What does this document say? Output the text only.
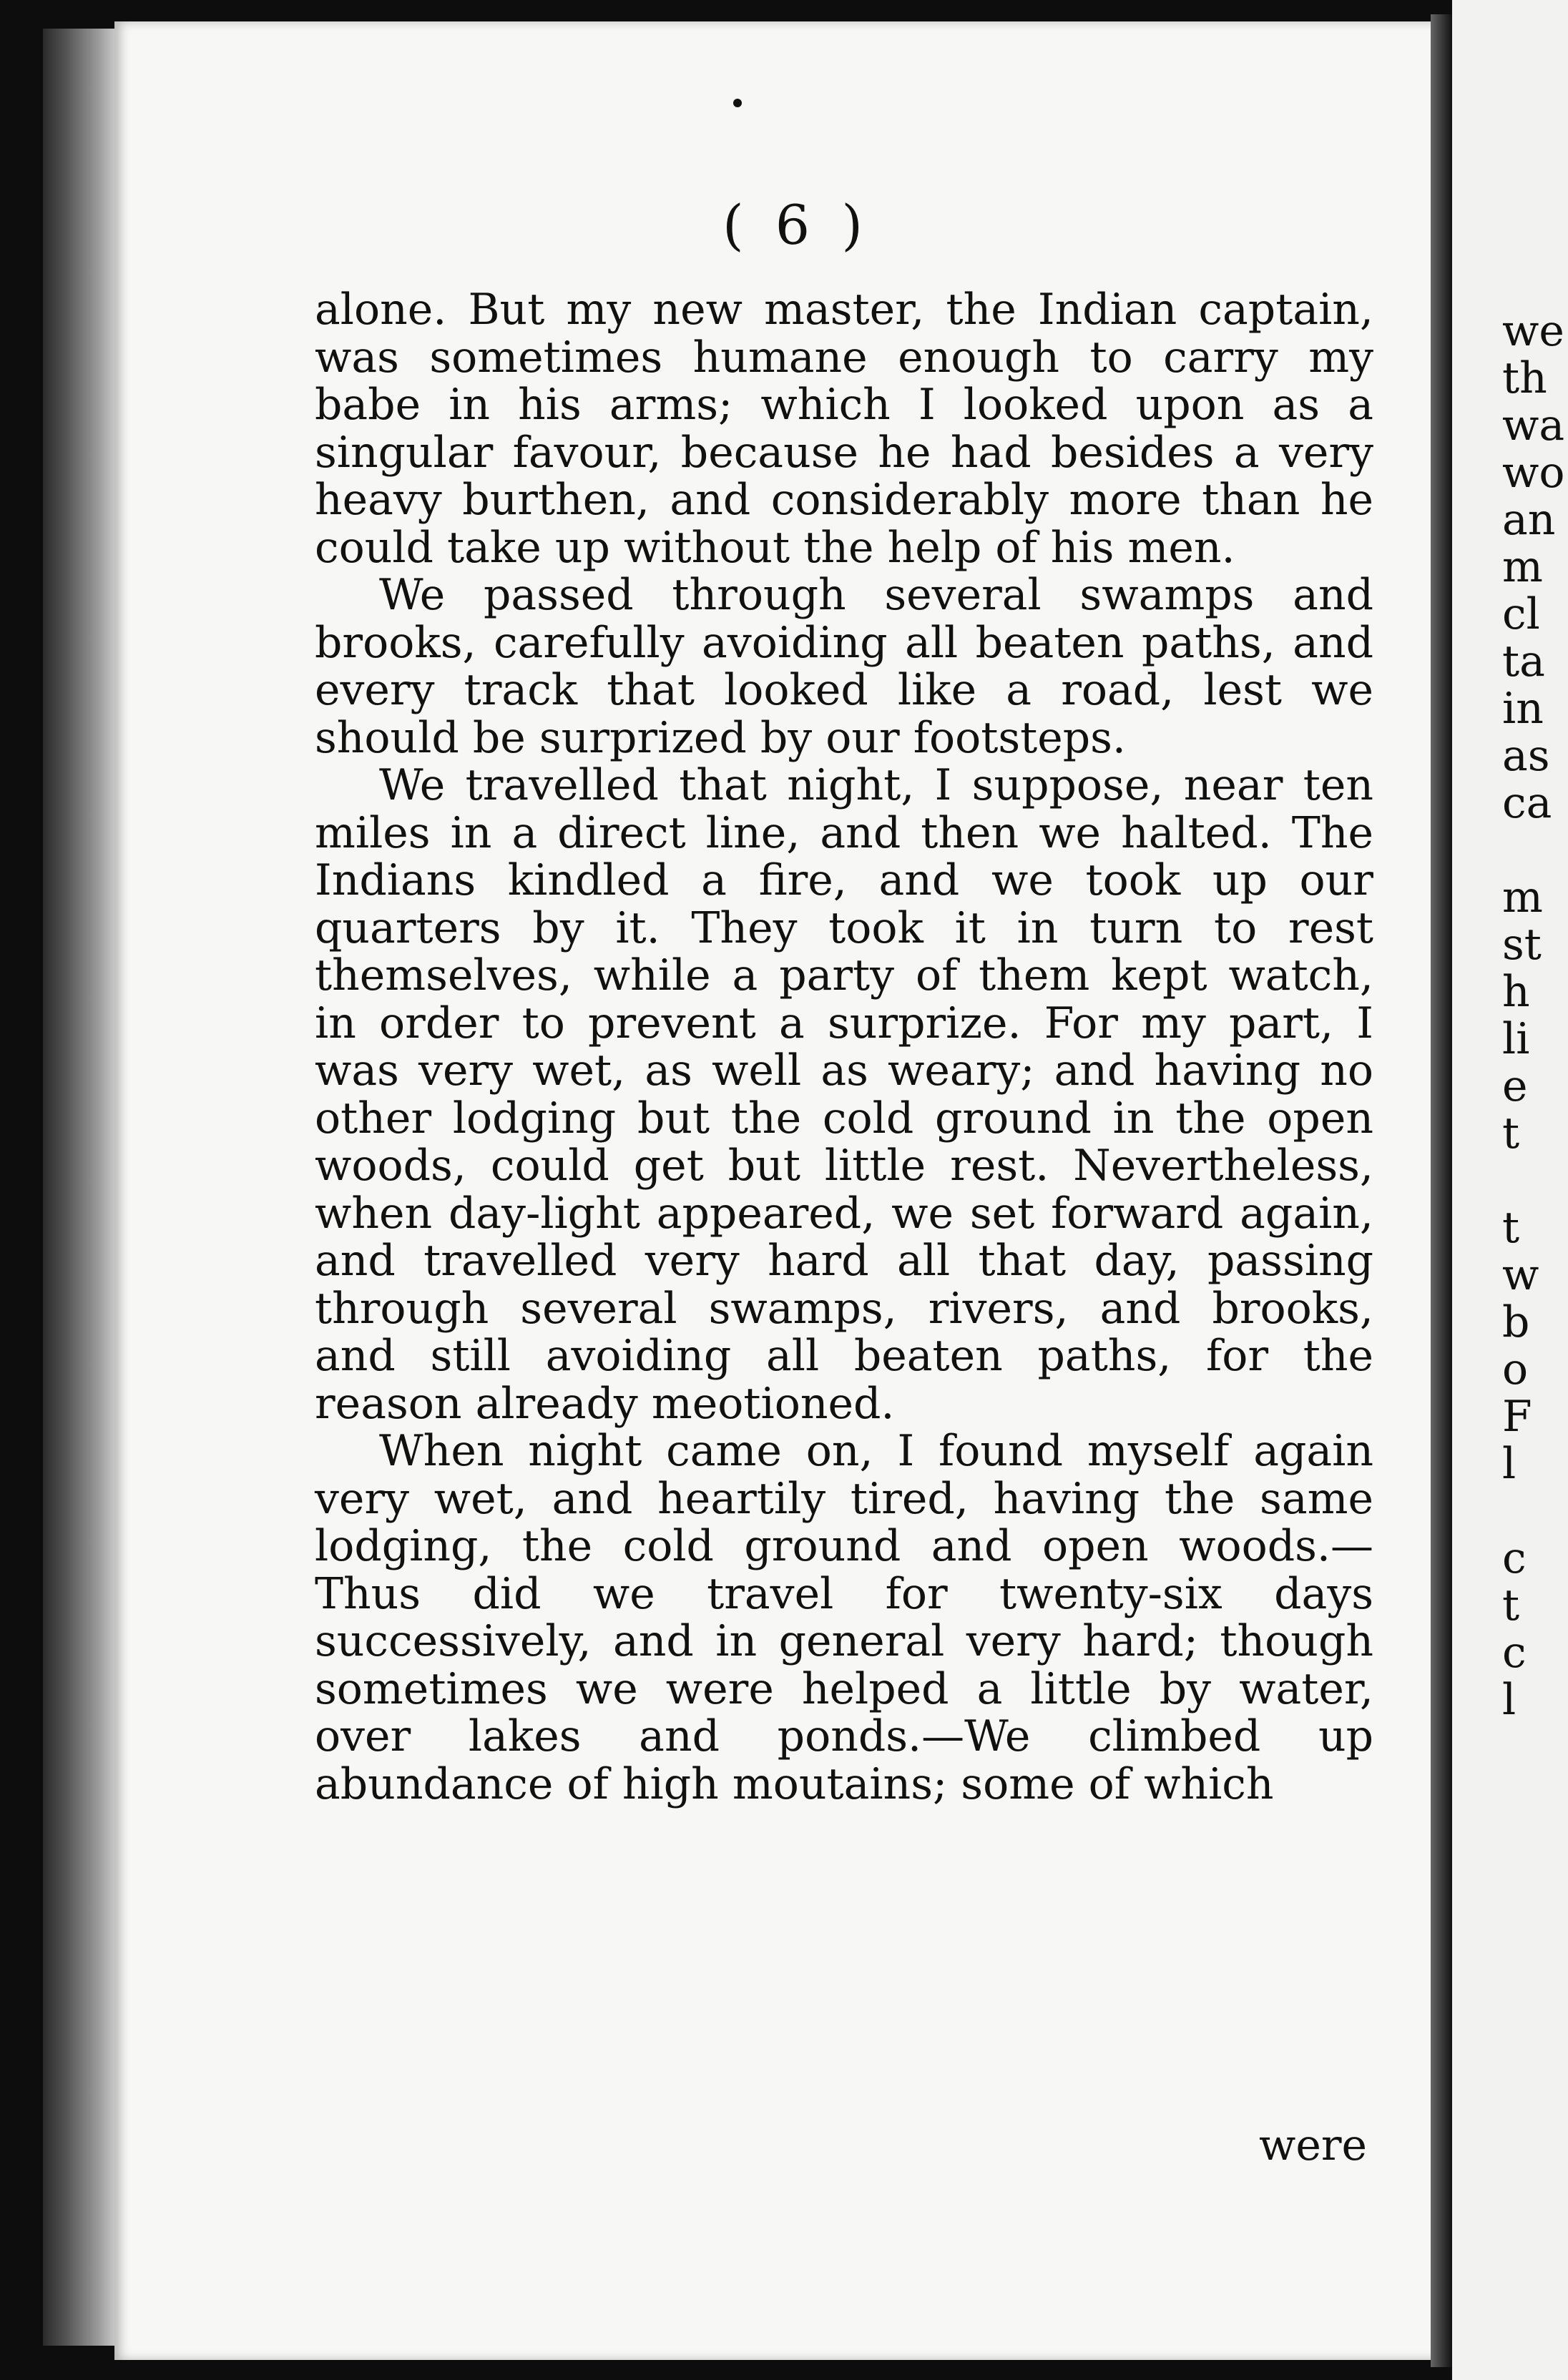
we
th
wa
wo
an
m
cl
ta
in
as
ca

m
st
h
li
e
t

t
w
b
o
F
l

c
t
c
l
( 6 )

alone. But my new master, the Indian captain, was sometimes humane enough to carry my babe in his arms; which I looked upon as a singular favour, because he had besides a very heavy burthen, and considerably more than he could take up without the help of his men.

We passed through several swamps and brooks, carefully avoiding all beaten paths, and every track that looked like a road, lest we should be surprized by our footsteps.

We travelled that night, I suppose, near ten miles in a direct line, and then we halted. The Indians kindled a fire, and we took up our quarters by it. They took it in turn to rest themselves, while a party of them kept watch, in order to prevent a surprize. For my part, I was very wet, as well as weary; and having no other lodging but the cold ground in the open woods, could get but little rest. Nevertheless, when day-light appeared, we set forward again, and travelled very hard all that day, passing through several swamps, rivers, and brooks, and still avoiding all beaten paths, for the reason already meotioned.

When night came on, I found myself again very wet, and heartily tired, having the same lodging, the cold ground and open woods.—Thus did we travel for twenty-six days successively, and in general very hard; though sometimes we were helped a little by water, over lakes and ponds.—We climbed up abundance of high moutains; some of which

were
